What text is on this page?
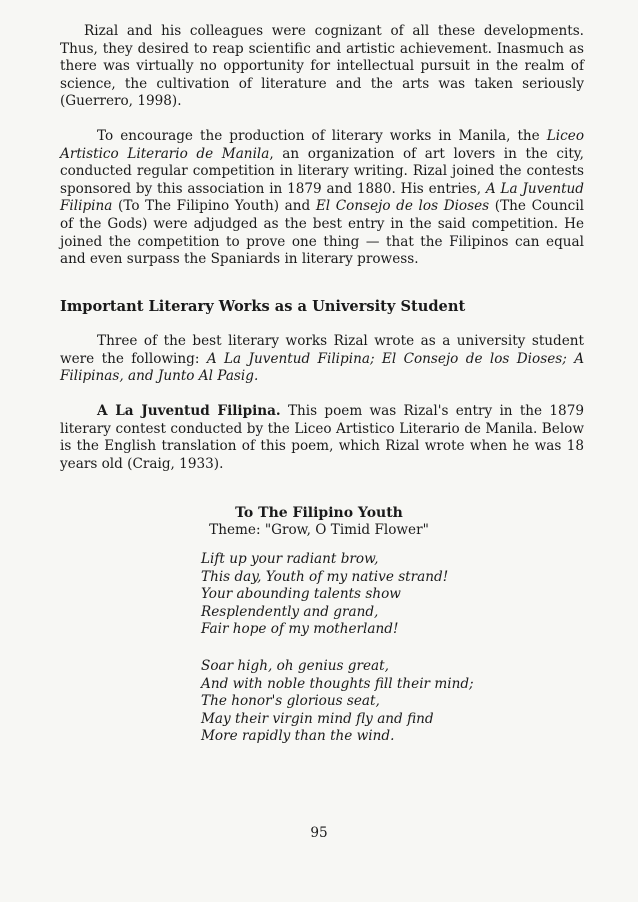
Rizal and his colleagues were cognizant of all these developments. Thus, they desired to reap scientific and artistic achievement. Inasmuch as there was virtually no opportunity for intellectual pursuit in the realm of science, the cultivation of literature and the arts was taken seriously (Guerrero, 1998).

To encourage the production of literary works in Manila, the Liceo Artistico Literario de Manila, an organization of art lovers in the city, conducted regular competition in literary writing. Rizal joined the contests sponsored by this association in 1879 and 1880. His entries, A La Juventud Filipina (To The Filipino Youth) and El Consejo de los Dioses (The Council of the Gods) were adjudged as the best entry in the said competition. He joined the competition to prove one thing — that the Filipinos can equal and even surpass the Spaniards in literary prowess.

Important Literary Works as a University Student

Three of the best literary works Rizal wrote as a university student were the following: A La Juventud Filipina; El Consejo de los Dioses; A Filipinas, and Junto Al Pasig.

A La Juventud Filipina. This poem was Rizal's entry in the 1879 literary contest conducted by the Liceo Artistico Literario de Manila. Below is the English translation of this poem, which Rizal wrote when he was 18 years old (Craig, 1933).

To The Filipino Youth
Theme: "Grow, O Timid Flower"
Lift up your radiant brow,
This day, Youth of my native strand!
Your abounding talents show
Resplendently and grand,
Fair hope of my motherland!
Soar high, oh genius great,
And with noble thoughts fill their mind;
The honor's glorious seat,
May their virgin mind fly and find
More rapidly than the wind.
95
